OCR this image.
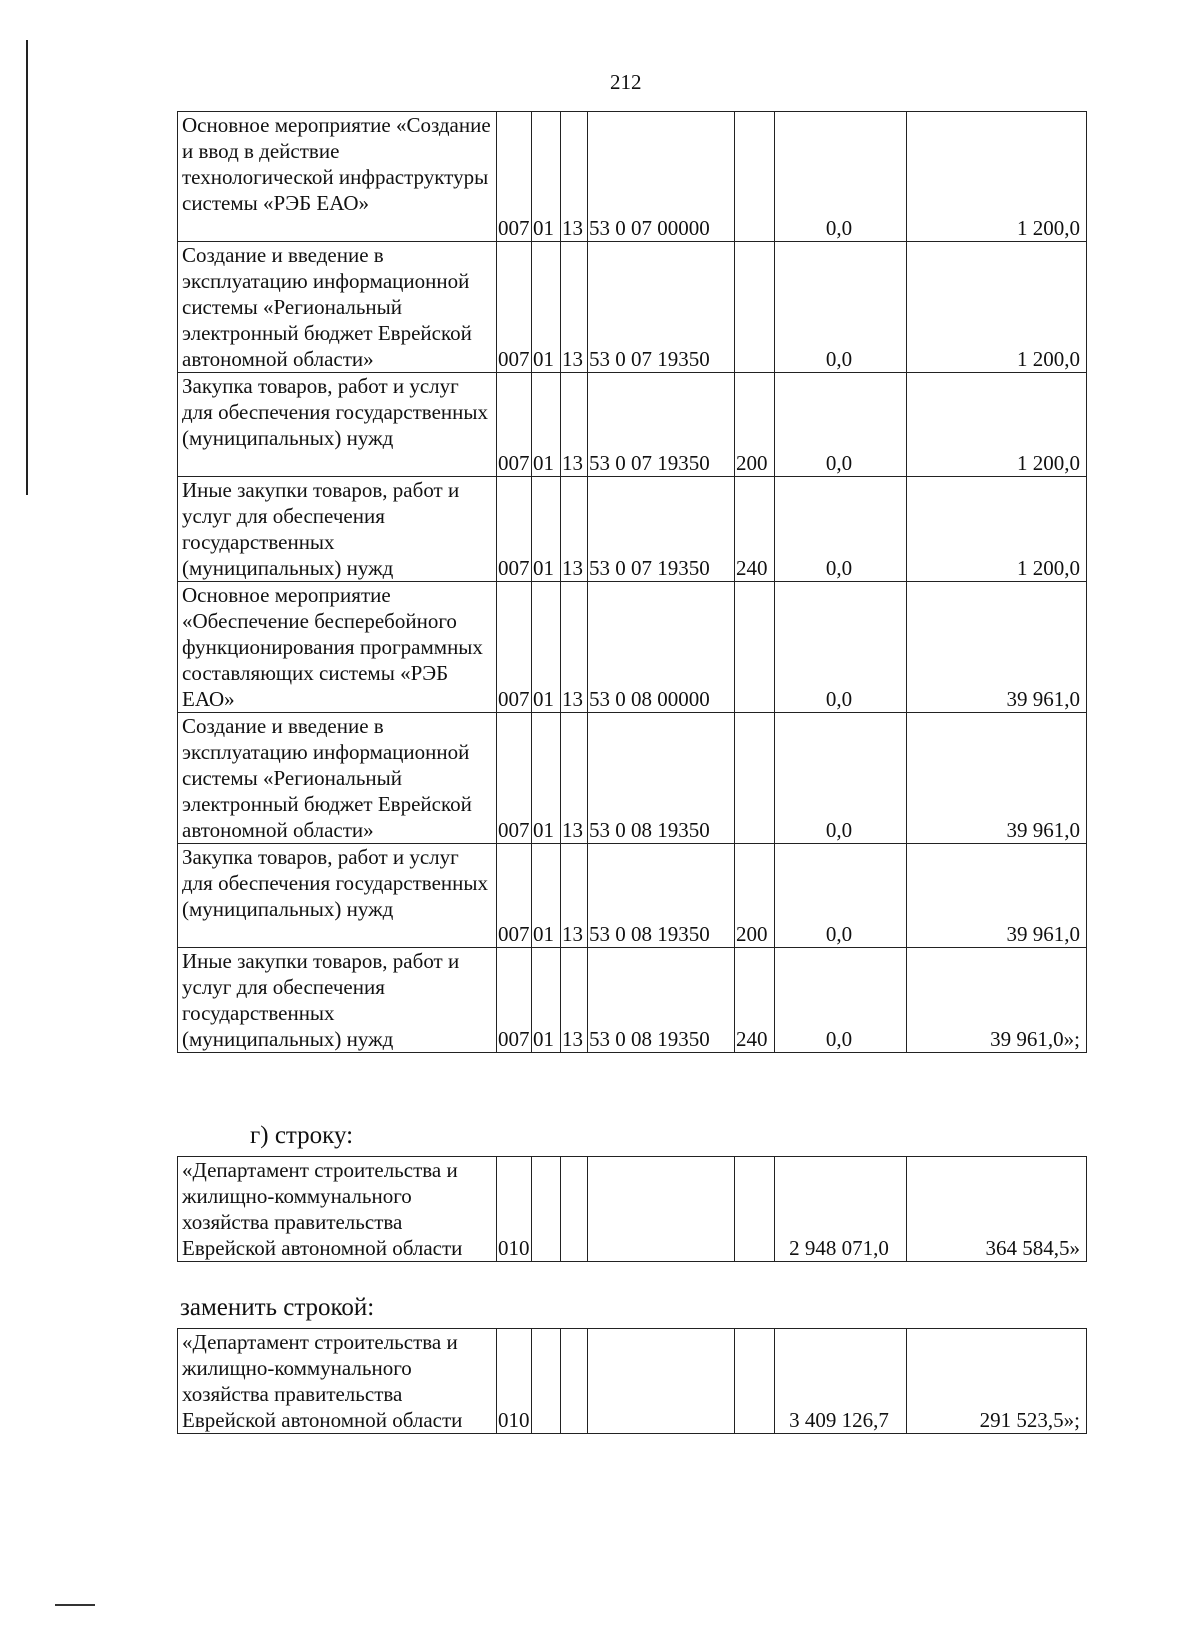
212
Основное мероприятие «Создание и ввод в действие технологической инфраструктуры системы «РЭБ ЕАО»	007	01	13	53 0 07 00000		0,0	1 200,0
Создание и введение в эксплуатацию информационной системы «Региональный электронный бюджет Еврейской автономной области»	007	01	13	53 0 07 19350		0,0	1 200,0
Закупка товаров, работ и услуг для обеспечения государственных (муниципальных) нужд	007	01	13	53 0 07 19350	200	0,0	1 200,0
Иные закупки товаров, работ и услуг для обеспечения государственных (муниципальных) нужд	007	01	13	53 0 07 19350	240	0,0	1 200,0
Основное мероприятие «Обеспечение бесперебойного функционирования программных составляющих системы «РЭБ ЕАО»	007	01	13	53 0 08 00000		0,0	39 961,0
Создание и введение в эксплуатацию информационной системы «Региональный электронный бюджет Еврейской автономной области»	007	01	13	53 0 08 19350		0,0	39 961,0
Закупка товаров, работ и услуг для обеспечения государственных (муниципальных) нужд	007	01	13	53 0 08 19350	200	0,0	39 961,0
Иные закупки товаров, работ и услуг для обеспечения государственных (муниципальных) нужд	007	01	13	53 0 08 19350	240	0,0	39 961,0»;
г) строку:
«Департамент строительства и жилищно-коммунального хозяйства правительства Еврейской автономной области	010					2 948 071,0	364 584,5»
заменить строкой:
«Департамент строительства и жилищно-коммунального хозяйства правительства Еврейской автономной области	010					3 409 126,7	291 523,5»;
